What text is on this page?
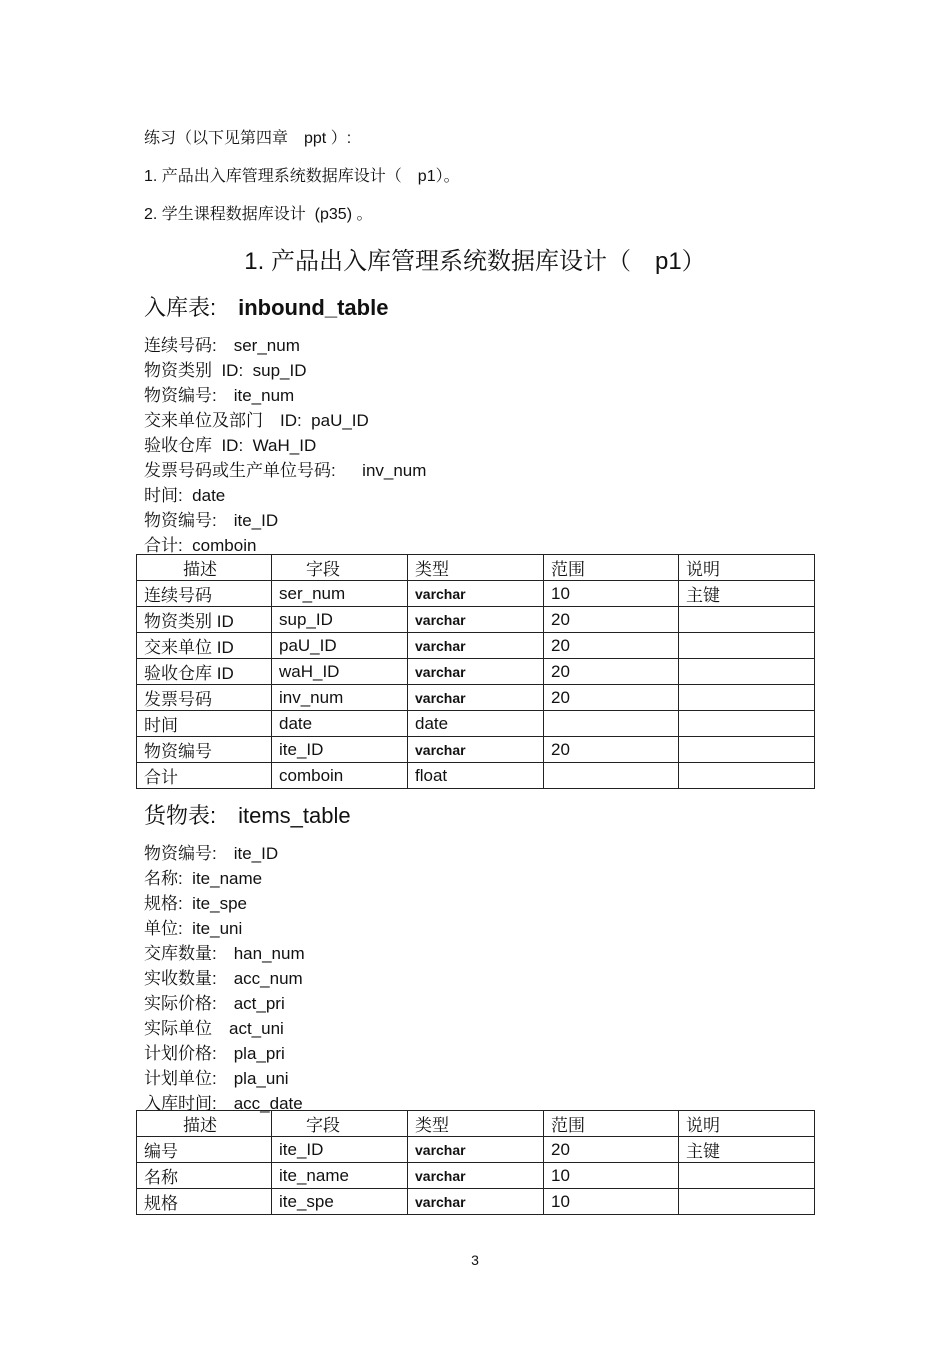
练习（以下见第四章　ppt ）:
1. 产品出入库管理系统数据库设计（　p1）。
2. 学生课程数据库设计  (p35) 。
1. 产品出入库管理系统数据库设计（　p1）
入库表:　inbound_table
连续号码:　ser_num
物资类别  ID:  sup_ID
物资编号:　ite_num
交来单位及部门　ID:  paU_ID
验收仓库  ID:  WaH_ID
发票号码或生产单位号码:　  inv_num
时间:  date
物资编号:　ite_ID
合计:  comboin
描述	字段	类型	范围	说明
连续号码	ser_num	varchar	10	主键
物资类别 ID	sup_ID	varchar	20	
交来单位 ID	paU_ID	varchar	20	
验收仓库 ID	waH_ID	varchar	20	
发票号码	inv_num	varchar	20	
时间	date	date		
物资编号	ite_ID	varchar	20	
合计	comboin	float		
货物表:　items_table
物资编号:　ite_ID
名称:  ite_name
规格:  ite_spe
单位:  ite_uni
交库数量:　han_num
实收数量:　acc_num
实际价格:　act_pri
实际单位　act_uni
计划价格:　pla_pri
计划单位:　pla_uni
入库时间:　acc_date
描述	字段	类型	范围	说明
编号	ite_ID	varchar	20	主键
名称	ite_name	varchar	10	
规格	ite_spe	varchar	10	
3
